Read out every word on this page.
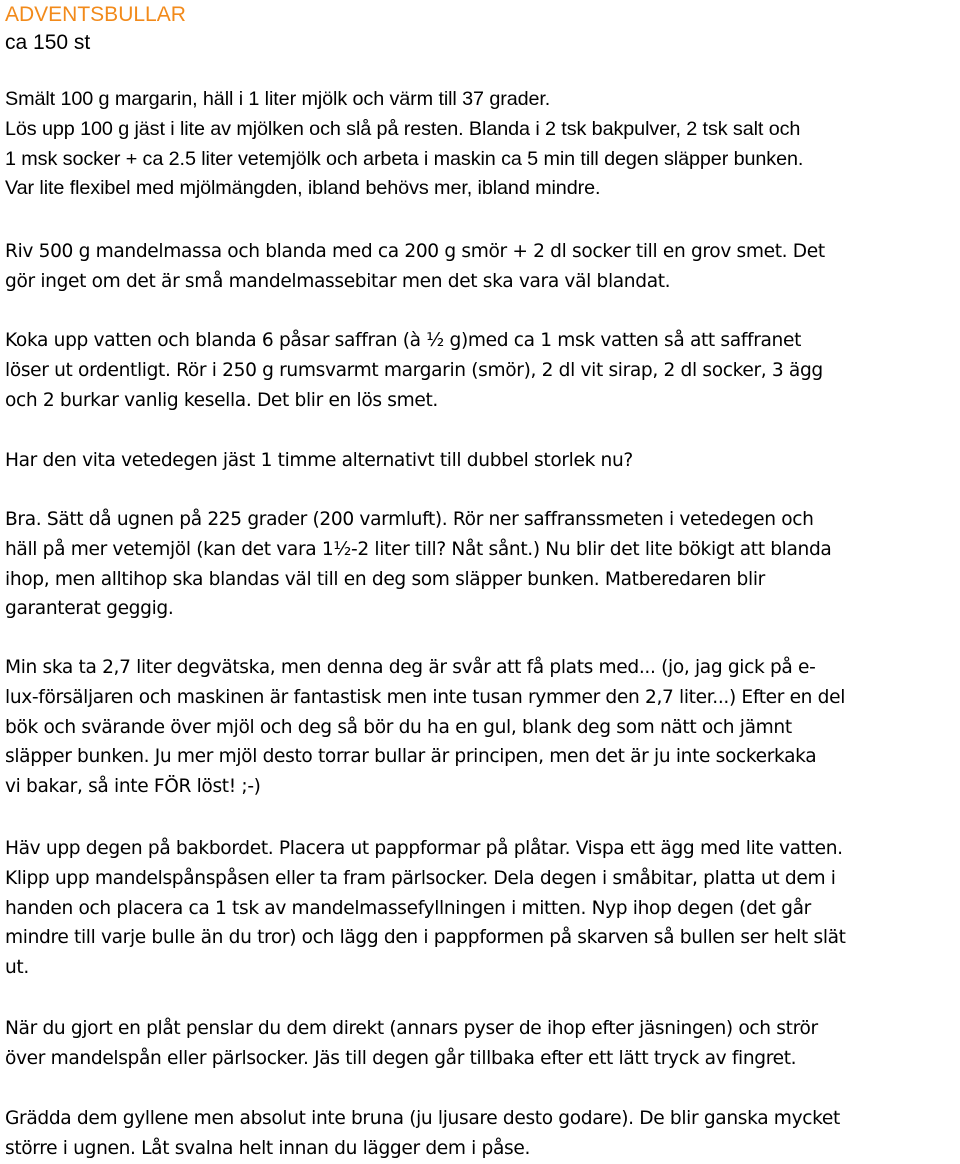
ADVENTSBULLAR
ca 150 st

Smält 100 g margarin, häll i 1 liter mjölk och värm till 37 grader.
Lös upp 100 g jäst i lite av mjölken och slå på resten. Blanda i 2 tsk bakpulver, 2 tsk salt och
1 msk socker + ca 2.5 liter vetemjölk och arbeta i maskin ca 5 min till degen släpper bunken.
Var lite flexibel med mjölmängden, ibland behövs mer, ibland mindre.

Riv 500 g mandelmassa och blanda med ca 200 g smör + 2 dl socker till en grov smet. Det
gör inget om det är små mandelmassebitar men det ska vara väl blandat.

Koka upp vatten och blanda 6 påsar saffran (à ½ g)med ca 1 msk vatten så att saffranet
löser ut ordentligt. Rör i 250 g rumsvarmt margarin (smör), 2 dl vit sirap, 2 dl socker, 3 ägg
och 2 burkar vanlig kesella. Det blir en lös smet.

Har den vita vetedegen jäst 1 timme alternativt till dubbel storlek nu?

Bra. Sätt då ugnen på 225 grader (200 varmluft). Rör ner saffranssmeten i vetedegen och
häll på mer vetemjöl (kan det vara 1½-2 liter till? Nåt sånt.) Nu blir det lite bökigt att blanda
ihop, men alltihop ska blandas väl till en deg som släpper bunken. Matberedaren blir
garanterat geggig.

Min ska ta 2,7 liter degvätska, men denna deg är svår att få plats med... (jo, jag gick på e-
lux-försäljaren och maskinen är fantastisk men inte tusan rymmer den 2,7 liter...) Efter en del
bök och svärande över mjöl och deg så bör du ha en gul, blank deg som nätt och jämnt
släpper bunken. Ju mer mjöl desto torrar bullar är principen, men det är ju inte sockerkaka
vi bakar, så inte FÖR löst! ;-)

Häv upp degen på bakbordet. Placera ut pappformar på plåtar. Vispa ett ägg med lite vatten.
Klipp upp mandelspånspåsen eller ta fram pärlsocker. Dela degen i småbitar, platta ut dem i
handen och placera ca 1 tsk av mandelmassefyllningen i mitten. Nyp ihop degen (det går
mindre till varje bulle än du tror) och lägg den i pappformen på skarven så bullen ser helt slät
ut.

När du gjort en plåt penslar du dem direkt (annars pyser de ihop efter jäsningen) och strör
över mandelspån eller pärlsocker. Jäs till degen går tillbaka efter ett lätt tryck av fingret.

Grädda dem gyllene men absolut inte bruna (ju ljusare desto godare). De blir ganska mycket
större i ugnen. Låt svalna helt innan du lägger dem i påse.
